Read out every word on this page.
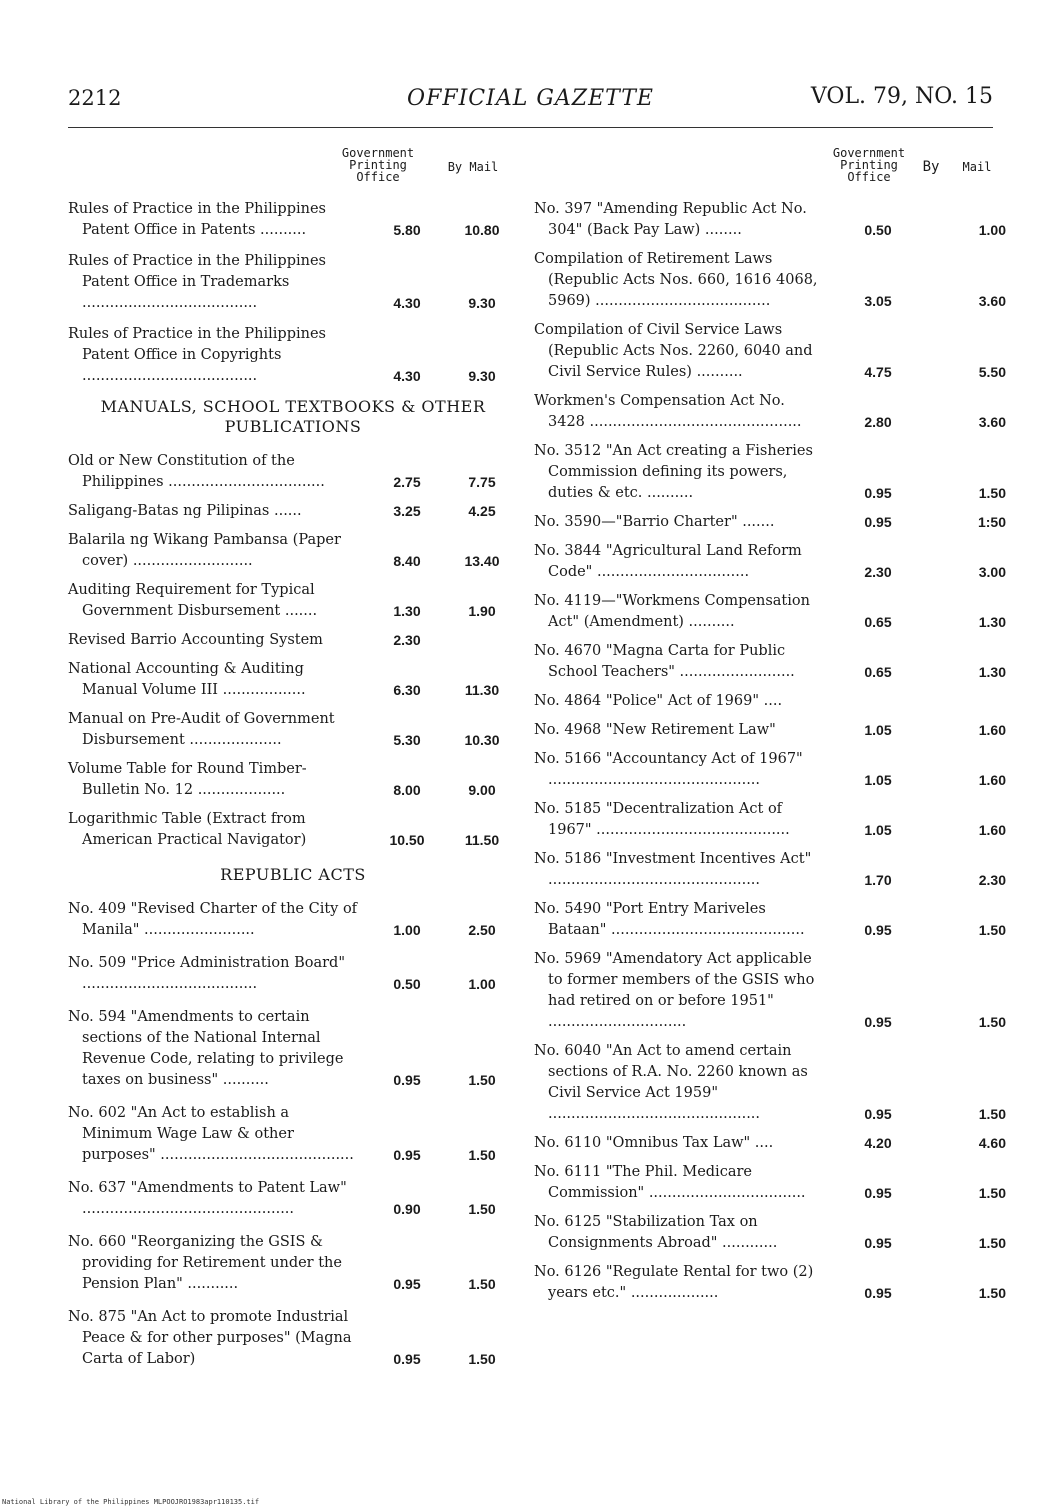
2212	OFFICIAL GAZETTE	VOL. 79, NO. 15
Government Printing Office
By Mail
Rules of Practice in the Philippines Patent Office in Patents ..........	5.80	10.80
Rules of Practice in the Philippines Patent Office in Trademarks ......................................	4.30	9.30
Rules of Practice in the Philippines Patent Office in Copyrights ......................................	4.30	9.30
MANUALS, SCHOOL TEXTBOOKS & OTHER PUBLICATIONS
Old or New Constitution of the Philippines ..................................	2.75	7.75
Saligang-Batas ng Pilipinas ......	3.25	4.25
Balarila ng Wikang Pambansa (Paper cover) ..........................	8.40	13.40
Auditing Requirement for Typical Government Disbursement .......	1.30	1.90
Revised Barrio Accounting System	2.30
National Accounting & Auditing Manual Volume III ..................	6.30	11.30
Manual on Pre-Audit of Government Disbursement ....................	5.30	10.30
Volume Table for Round Timber-Bulletin No. 12 ...................	8.00	9.00
Logarithmic Table (Extract from American Practical Navigator)	10.50	11.50
REPUBLIC ACTS
No. 409 "Revised Charter of the City of Manila" ........................	1.00	2.50
No. 509 "Price Administration Board" ......................................	0.50	1.00
No. 594 "Amendments to certain sections of the National Internal Revenue Code, relating to privilege taxes on business" ..........	0.95	1.50
No. 602 "An Act to establish a Minimum Wage Law & other purposes" ..........................................	0.95	1.50
No. 637 "Amendments to Patent Law" ..............................................	0.90	1.50
No. 660 "Reorganizing the GSIS & providing for Retirement under the Pension Plan" ...........	0.95	1.50
No. 875 "An Act to promote Industrial Peace & for other purposes" (Magna Carta of Labor)	0.95	1.50
Government Printing Office
By	Mail
No. 397 "Amending Republic Act No. 304" (Back Pay Law) ........	0.50	1.00
Compilation of Retirement Laws (Republic Acts Nos. 660, 1616 4068, 5969) ......................................	3.05	3.60
Compilation of Civil Service Laws (Republic Acts Nos. 2260, 6040 and Civil Service Rules) ..........	4.75	5.50
Workmen's Compensation Act No. 3428 ..............................................	2.80	3.60
No. 3512 "An Act creating a Fisheries Commission defining its powers, duties & etc. ..........	0.95	1.50
No. 3590—"Barrio Charter" .......	0.95	1:50
No. 3844 "Agricultural Land Reform Code" .................................	2.30	3.00
No. 4119—"Workmens Compensation Act" (Amendment) ..........	0.65	1.30
No. 4670 "Magna Carta for Public School Teachers" .........................	0.65	1.30
No. 4864 "Police" Act of 1969" ....
No. 4968 "New Retirement Law"	1.05	1.60
No. 5166 "Accountancy Act of 1967" ..............................................	1.05	1.60
No. 5185 "Decentralization Act of 1967" ..........................................	1.05	1.60
No. 5186 "Investment Incentives Act" ..............................................	1.70	2.30
No. 5490 "Port Entry Mariveles Bataan" ..........................................	0.95	1.50
No. 5969 "Amendatory Act applicable to former members of the GSIS who had retired on or before 1951" ..............................	0.95	1.50
No. 6040 "An Act to amend certain sections of R.A. No. 2260 known as Civil Service Act 1959" ..............................................	0.95	1.50
No. 6110 "Omnibus Tax Law" ....	4.20	4.60
No. 6111 "The Phil. Medicare Commission" ..................................	0.95	1.50
No. 6125 "Stabilization Tax on Consignments Abroad" ............	0.95	1.50
No. 6126 "Regulate Rental for two (2) years etc." ...................	0.95	1.50
National Library of the Philippines MLPOOJRO1983apr110135.tif
